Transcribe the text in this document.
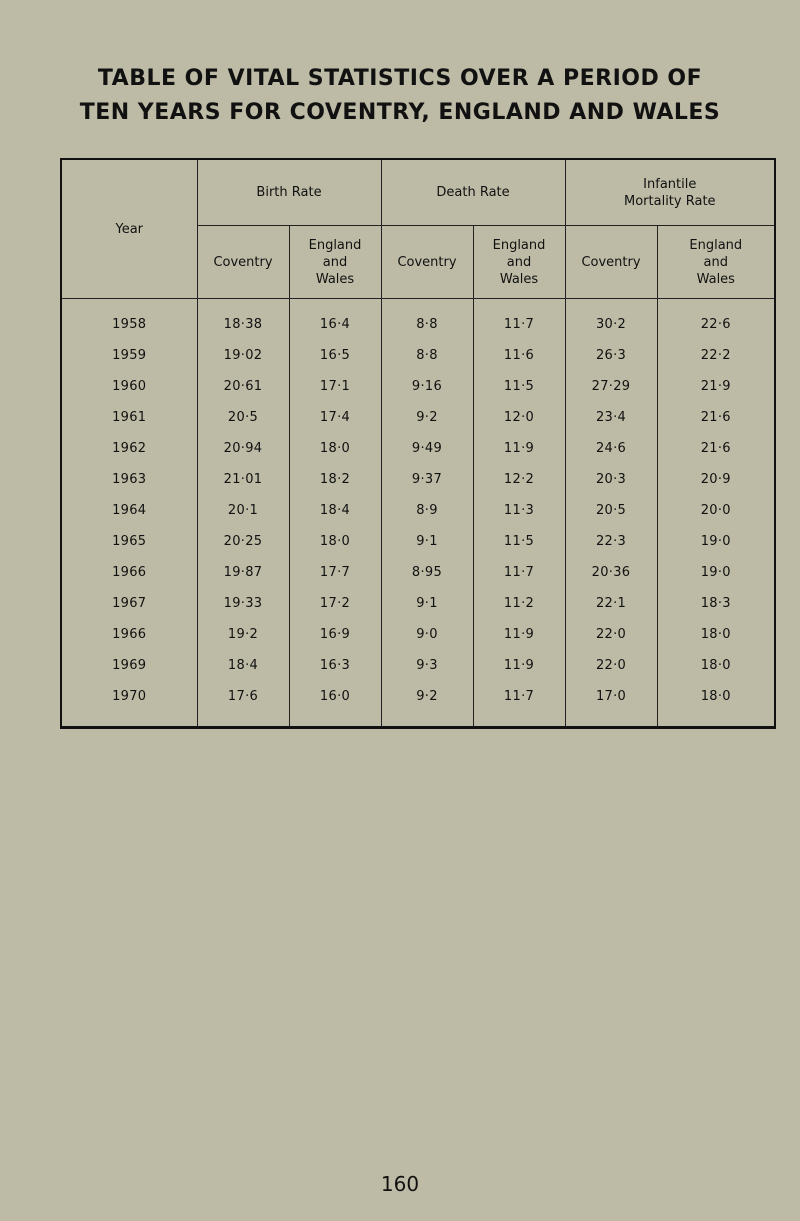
TABLE OF VITAL STATISTICS OVER A PERIOD OF
TEN YEARS FOR COVENTRY, ENGLAND AND WALES
Year	Birth Rate		Death Rate		Infantile
Mortality Rate	
	Coventry	England
and
Wales	Coventry	England
and
Wales	Coventry	England
and
Wales

1958	18·38	16·4	8·8	11·7	30·2	22·6
1959	19·02	16·5	8·8	11·6	26·3	22·2
1960	20·61	17·1	9·16	11·5	27·29	21·9
1961	20·5	17·4	9·2	12·0	23·4	21·6
1962	20·94	18·0	9·49	11·9	24·6	21·6
1963	21·01	18·2	9·37	12·2	20·3	20·9
1964	20·1	18·4	8·9	11·3	20·5	20·0
1965	20·25	18·0	9·1	11·5	22·3	19·0
1966	19·87	17·7	8·95	11·7	20·36	19·0
1967	19·33	17·2	9·1	11·2	22·1	18·3
1966	19·2	16·9	9·0	11·9	22·0	18·0
1969	18·4	16·3	9·3	11·9	22·0	18·0
1970	17·6	16·0	9·2	11·7	17·0	18·0

160
